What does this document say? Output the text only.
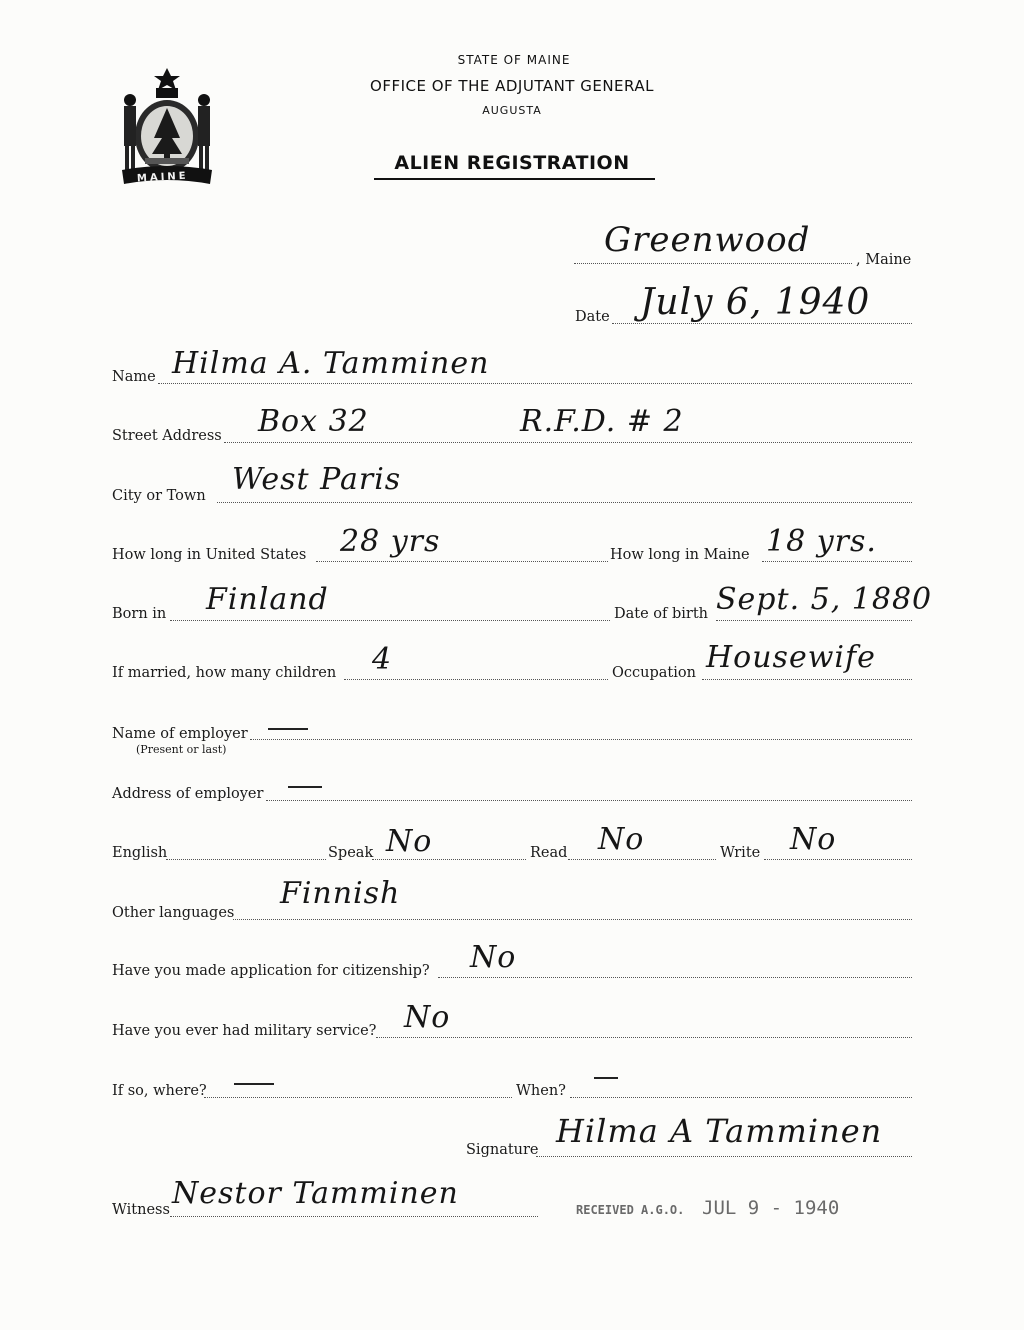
MAINE
STATE OF MAINE
OFFICE OF THE ADJUTANT GENERAL
AUGUSTA
ALIEN REGISTRATION
Greenwood	, Maine
Date July 6, 1940
Name Hilma A. Tamminen
Street Address Box 32	R.F.D. # 2
City or Town West Paris
How long in United States 28 yrs	How long in Maine 18 yrs.
Born in Finland	Date of birth Sept. 5, 1880
If married, how many children 4	Occupation Housewife
Name of employer
(Present or last)
Address of employer
English	Speak No	Read No	Write No
Other languages
Finnish
Have you made application for citizenship? No
Have you ever had military service? No
If so, where?	When?
Signature Hilma A Tamminen
Witness Nestor Tamminen	RECEIVED A.G.O. JUL 9 - 1940
